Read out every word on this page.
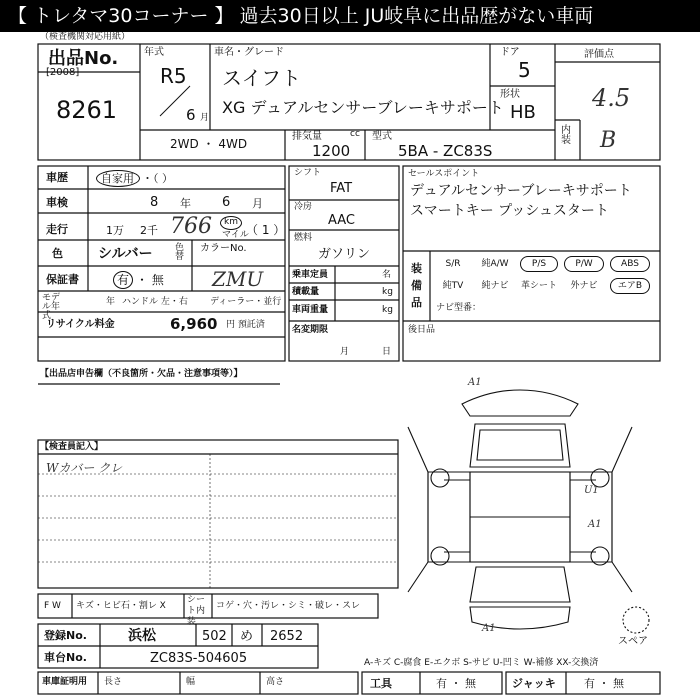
【 トレタマ30コーナー 】 過去30日以上 JU岐阜に出品歴がない車両
（検査機関対応用紙）
出品No.
[2008]
8261
年式
R5
6 月
車名・グレード
スイフト
XG デュアルセンサーブレーキサポート
ドア
5
形状
HB
評価点
4.5
内装 B
2WD ・ 4WD
排気量	cc
1200
型式
5BA - ZC83S
車歴	自家用 ・（ ）
車検	8 年 6 月
走行	1万 2千 766 km
マイル
（ 1 ）
色	シルバー 色替
カラーNo.
ZMU
保証書	有 ・ 無
モデル年式
年 ハンドル 左・右 ディーラー・並行
リサイクル料金	6,960 円 預託済
シフト
FAT
冷房
AAC
燃料
ガソリン
乗車定員	名
積載量	kg
車両重量	kg
名変期限
月	日
セールスポイント
デュアルセンサーブレーキサポート
スマートキー プッシュスタート
装備品
S/R	純A/W	P/S	P/W	ABS
純TV	純ナビ	革シート	外ナビ	エアB
ナビ型番：
後日品
【出品店申告欄（不良箇所・欠品・注意事項等）】
【検査員記入】
Wカバー クレ
F W キズ・ヒビ石・割レ X
シート内装
コゲ・穴・汚レ・シミ・破レ・スレ
A1
U1
A1
A1
スペア
登録No.	浜松	502 め 2652
車台No.	ZC83S-504605
車庫証明用 長さ	幅	高さ
A-キズ C-腐食 E-エクボ S-サビ U-凹ミ W-補修 XX-交換済
工具	有 ・ 無	ジャッキ	有 ・ 無
